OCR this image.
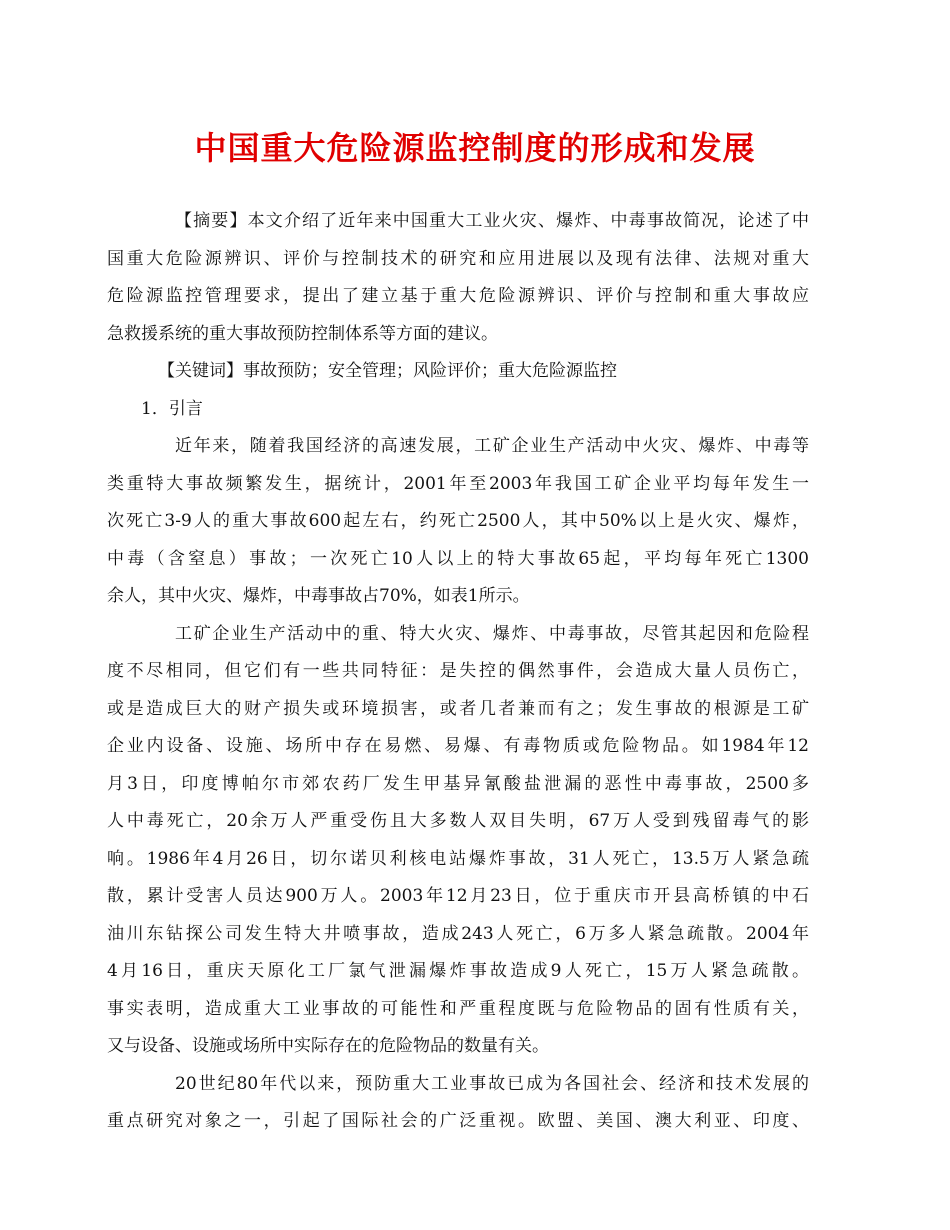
中国重大危险源监控制度的形成和发展
【摘要】本文介绍了近年来中国重大工业火灾、爆炸、中毒事故简况，论述了中
国重大危险源辨识、评价与控制技术的研究和应用进展以及现有法律、法规对重大
危险源监控管理要求，提出了建立基于重大危险源辨识、评价与控制和重大事故应
急救援系统的重大事故预防控制体系等方面的建议。
【关键词】事故预防；安全管理；风险评价；重大危险源监控
1．引言
近年来，随着我国经济的高速发展，工矿企业生产活动中火灾、爆炸、中毒等
类重特大事故频繁发生，据统计，2001年至2003年我国工矿企业平均每年发生一
次死亡3-9人的重大事故600起左右，约死亡2500人，其中50%以上是火灾、爆炸，
中毒（含窒息）事故；一次死亡10人以上的特大事故65起，平均每年死亡1300
余人，其中火灾、爆炸，中毒事故占70%，如表1所示。
工矿企业生产活动中的重、特大火灾、爆炸、中毒事故，尽管其起因和危险程
度不尽相同，但它们有一些共同特征：是失控的偶然事件，会造成大量人员伤亡，
或是造成巨大的财产损失或环境损害，或者几者兼而有之；发生事故的根源是工矿
企业内设备、设施、场所中存在易燃、易爆、有毒物质或危险物品。如1984年12
月3日，印度博帕尔市郊农药厂发生甲基异氰酸盐泄漏的恶性中毒事故，2500多
人中毒死亡，20余万人严重受伤且大多数人双目失明，67万人受到残留毒气的影
响。1986年4月26日，切尔诺贝利核电站爆炸事故，31人死亡，13.5万人紧急疏
散，累计受害人员达900万人。2003年12月23日，位于重庆市开县高桥镇的中石
油川东钻探公司发生特大井喷事故，造成243人死亡，6万多人紧急疏散。2004年
4月16日，重庆天原化工厂氯气泄漏爆炸事故造成9人死亡，15万人紧急疏散。
事实表明，造成重大工业事故的可能性和严重程度既与危险物品的固有性质有关，
又与设备、设施或场所中实际存在的危险物品的数量有关。
20世纪80年代以来，预防重大工业事故已成为各国社会、经济和技术发展的
重点研究对象之一，引起了国际社会的广泛重视。欧盟、美国、澳大利亚、印度、
